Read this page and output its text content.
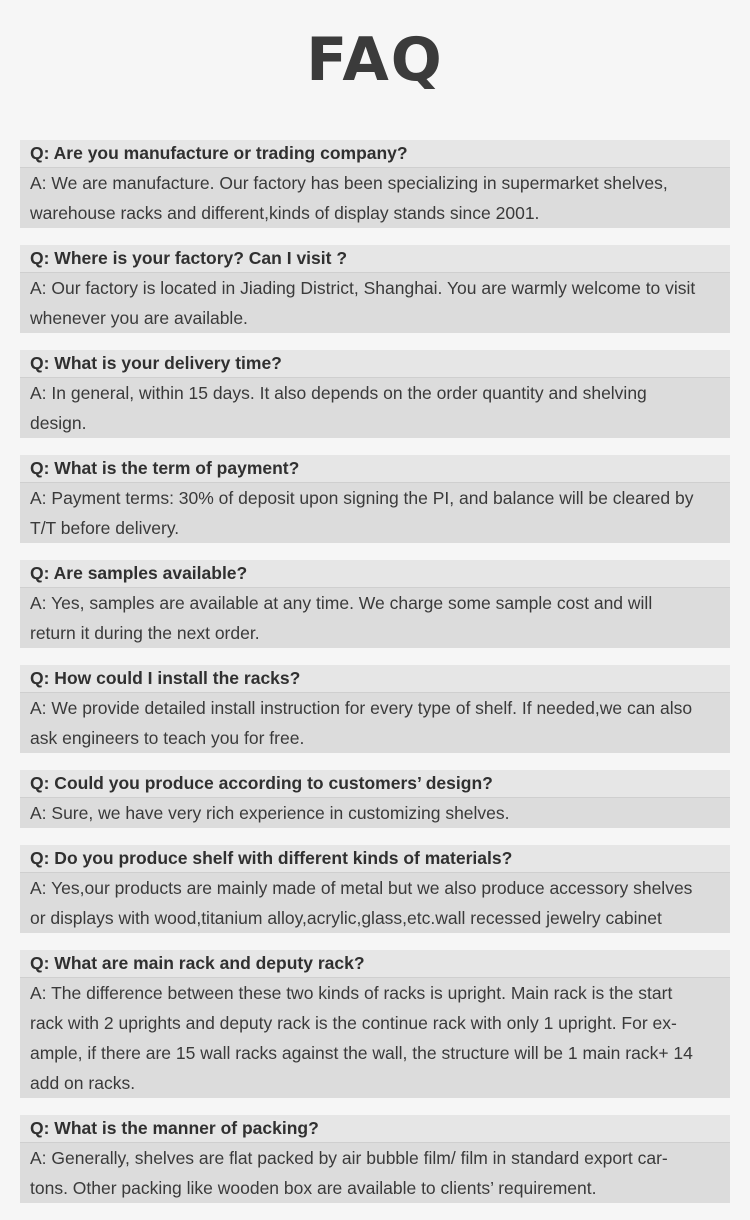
FAQ
Q: Are you manufacture or trading company?
A: We are manufacture. Our factory has been specializing in supermarket shelves,
warehouse racks and different,kinds of display stands since 2001.
Q: Where is your factory? Can I visit ?
A: Our factory is located in Jiading District, Shanghai. You are warmly welcome to visit
whenever you are available.
Q: What is your delivery time?
A: In general, within 15 days. It also depends on the order quantity and shelving
design.
Q: What is the term of payment?
A: Payment terms: 30% of deposit upon signing the PI, and balance will be cleared by
T/T before delivery.
Q: Are samples available?
A: Yes, samples are available at any time. We charge some sample cost and will
return it during the next order.
Q: How could I install the racks?
A: We provide detailed install instruction for every type of shelf. If needed,we can also
ask engineers to teach you for free.
Q: Could you produce according to customers’ design?
A: Sure, we have very rich experience in customizing shelves.
Q: Do you produce shelf with different kinds of materials?
A: Yes,our products are mainly made of metal but we also produce accessory shelves
or displays with wood,titanium alloy,acrylic,glass,etc.wall recessed jewelry cabinet
Q: What are main rack and deputy rack?
A: The difference between these two kinds of racks is upright. Main rack is the start
rack with 2 uprights and deputy rack is the continue rack with only 1 upright. For ex-
ample, if there are 15 wall racks against the wall, the structure will be 1 main rack+ 14
add on racks.
Q: What is the manner of packing?
A: Generally, shelves are flat packed by air bubble film/ film in standard export car-
tons. Other packing like wooden box are available to clients’ requirement.
